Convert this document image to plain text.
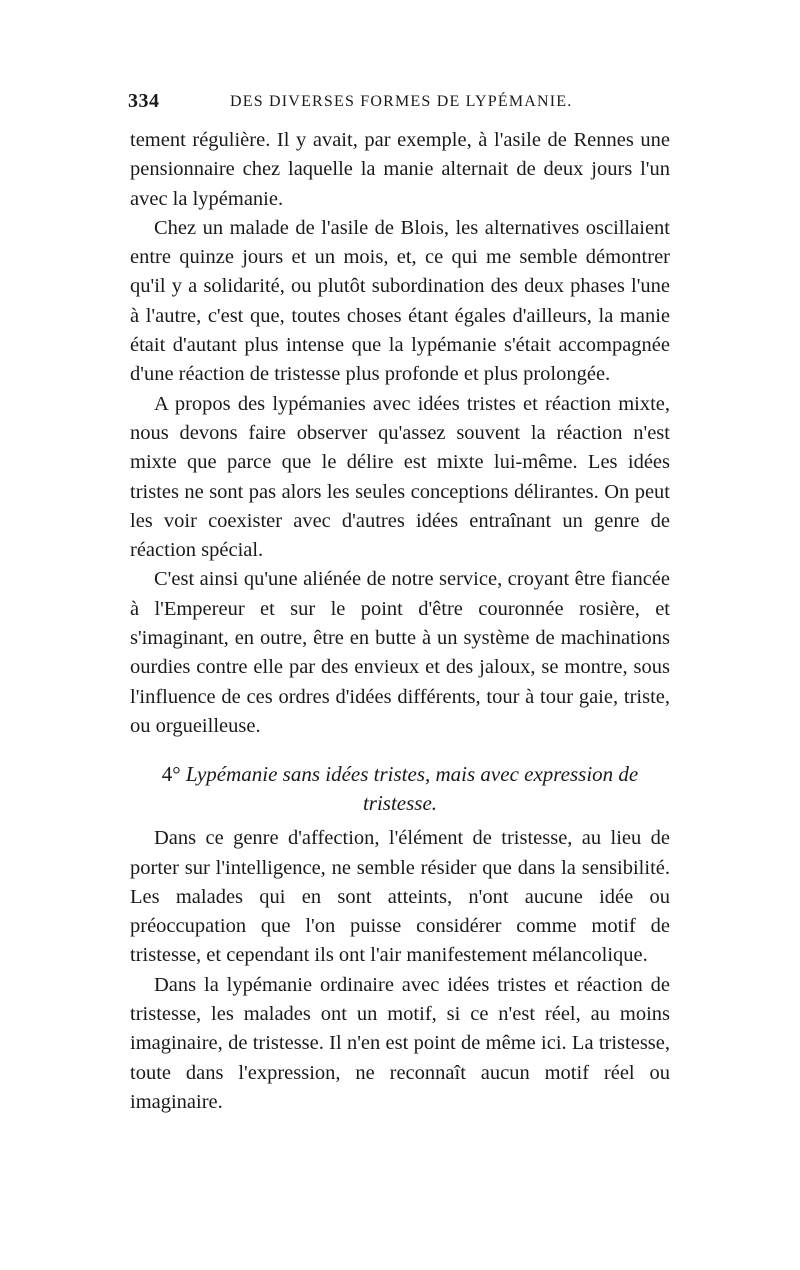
334	DES DIVERSES FORMES DE LYPÉMANIE.

tement régulière. Il y avait, par exemple, à l'asile de Rennes une pensionnaire chez laquelle la manie alternait de deux jours l'un avec la lypémanie.

Chez un malade de l'asile de Blois, les alternatives oscillaient entre quinze jours et un mois, et, ce qui me semble démontrer qu'il y a solidarité, ou plutôt subordination des deux phases l'une à l'autre, c'est que, toutes choses étant égales d'ailleurs, la manie était d'autant plus intense que la lypémanie s'était accompagnée d'une réaction de tristesse plus profonde et plus prolongée.

A propos des lypémanies avec idées tristes et réaction mixte, nous devons faire observer qu'assez souvent la réaction n'est mixte que parce que le délire est mixte lui-même. Les idées tristes ne sont pas alors les seules conceptions délirantes. On peut les voir coexister avec d'autres idées entraînant un genre de réaction spécial.

C'est ainsi qu'une aliénée de notre service, croyant être fiancée à l'Empereur et sur le point d'être couronnée rosière, et s'imaginant, en outre, être en butte à un système de machinations ourdies contre elle par des envieux et des jaloux, se montre, sous l'influence de ces ordres d'idées différents, tour à tour gaie, triste, ou orgueilleuse.

4° Lypémanie sans idées tristes, mais avec expression de tristesse.

Dans ce genre d'affection, l'élément de tristesse, au lieu de porter sur l'intelligence, ne semble résider que dans la sensibilité. Les malades qui en sont atteints, n'ont aucune idée ou préoccupation que l'on puisse considérer comme motif de tristesse, et cependant ils ont l'air manifestement mélancolique.

Dans la lypémanie ordinaire avec idées tristes et réaction de tristesse, les malades ont un motif, si ce n'est réel, au moins imaginaire, de tristesse. Il n'en est point de même ici. La tristesse, toute dans l'expression, ne reconnaît aucun motif réel ou imaginaire.
